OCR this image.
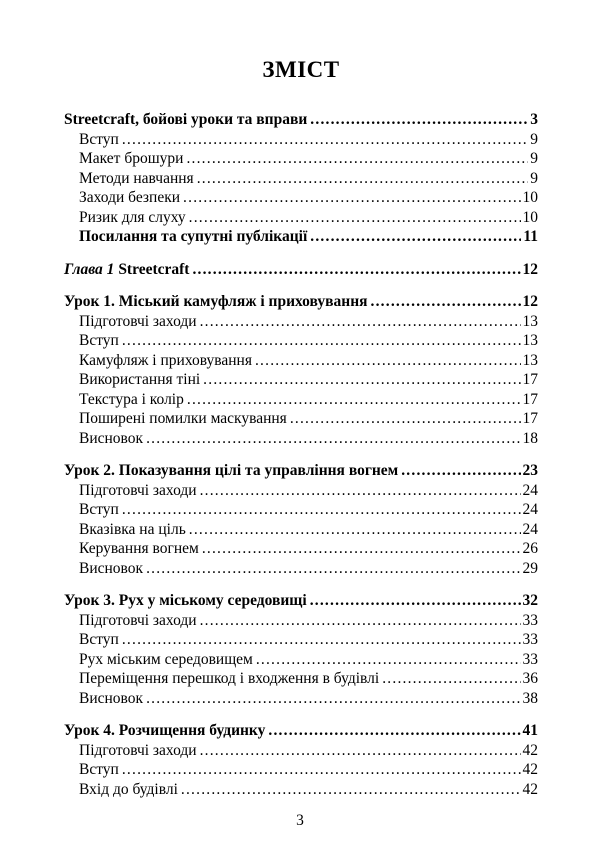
ЗМІСТ
Streetcraft, бойові уроки та вправи .....	3
Вступ .....	9
Макет брошури .....	9
Методи навчання .....	9
Заходи безпеки .....	10
Ризик для слуху .....	10
Посилання та супутні публікації .....	11
Глава 1 Streetcraft .....	12
Урок 1. Міський камуфляж і приховування .....	12
Підготовчі заходи .....	13
Вступ .....	13
Камуфляж і приховування .....	13
Використання тіні .....	17
Текстура і колір .....	17
Поширені помилки маскування .....	17
Висновок .....	18
Урок 2. Показування цілі та управління вогнем .....	23
Підготовчі заходи .....	24
Вступ .....	24
Вказівка на ціль .....	24
Керування вогнем .....	26
Висновок .....	29
Урок 3. Рух у міському середовищі .....	32
Підготовчі заходи .....	33
Вступ .....	33
Рух міським середовищем .....	33
Переміщення перешкод і входження в будівлі .....	36
Висновок .....	38
Урок 4. Розчищення будинку .....	41
Підготовчі заходи .....	42
Вступ .....	42
Вхід до будівлі .....	42
3
